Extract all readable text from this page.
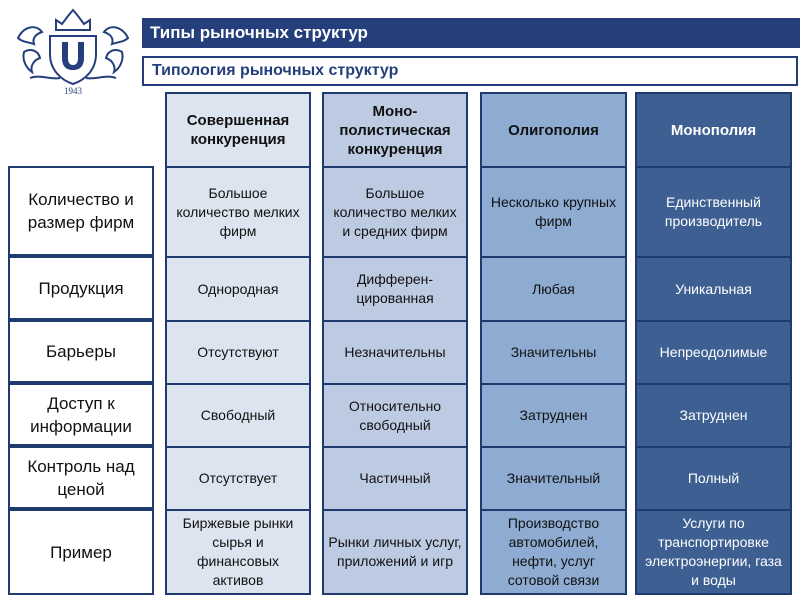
1943
Типы рыночных структур
Типология рыночных структур
Количество и размер фирм
Продукция
Барьеры
Доступ к информации
Контроль над ценой
Пример
Совершенная конкуренция
Большое количество мелких фирм
Однородная
Отсутствуют
Свободный
Отсутствует
Биржевые рынки сырья и финансовых активов
Моно-полистическая конкуренция
Большое количество мелких и средних фирм
Дифферен-цированная
Незначительны
Относительно свободный
Частичный
Рынки личных услуг, приложений и игр
Олигополия
Несколько крупных фирм
Любая
Значительны
Затруднен
Значительный
Производство автомобилей, нефти, услуг сотовой связи
Монополия
Единственный производитель
Уникальная
Непреодолимые
Затруднен
Полный
Услуги по транспортировке электроэнергии, газа и воды
